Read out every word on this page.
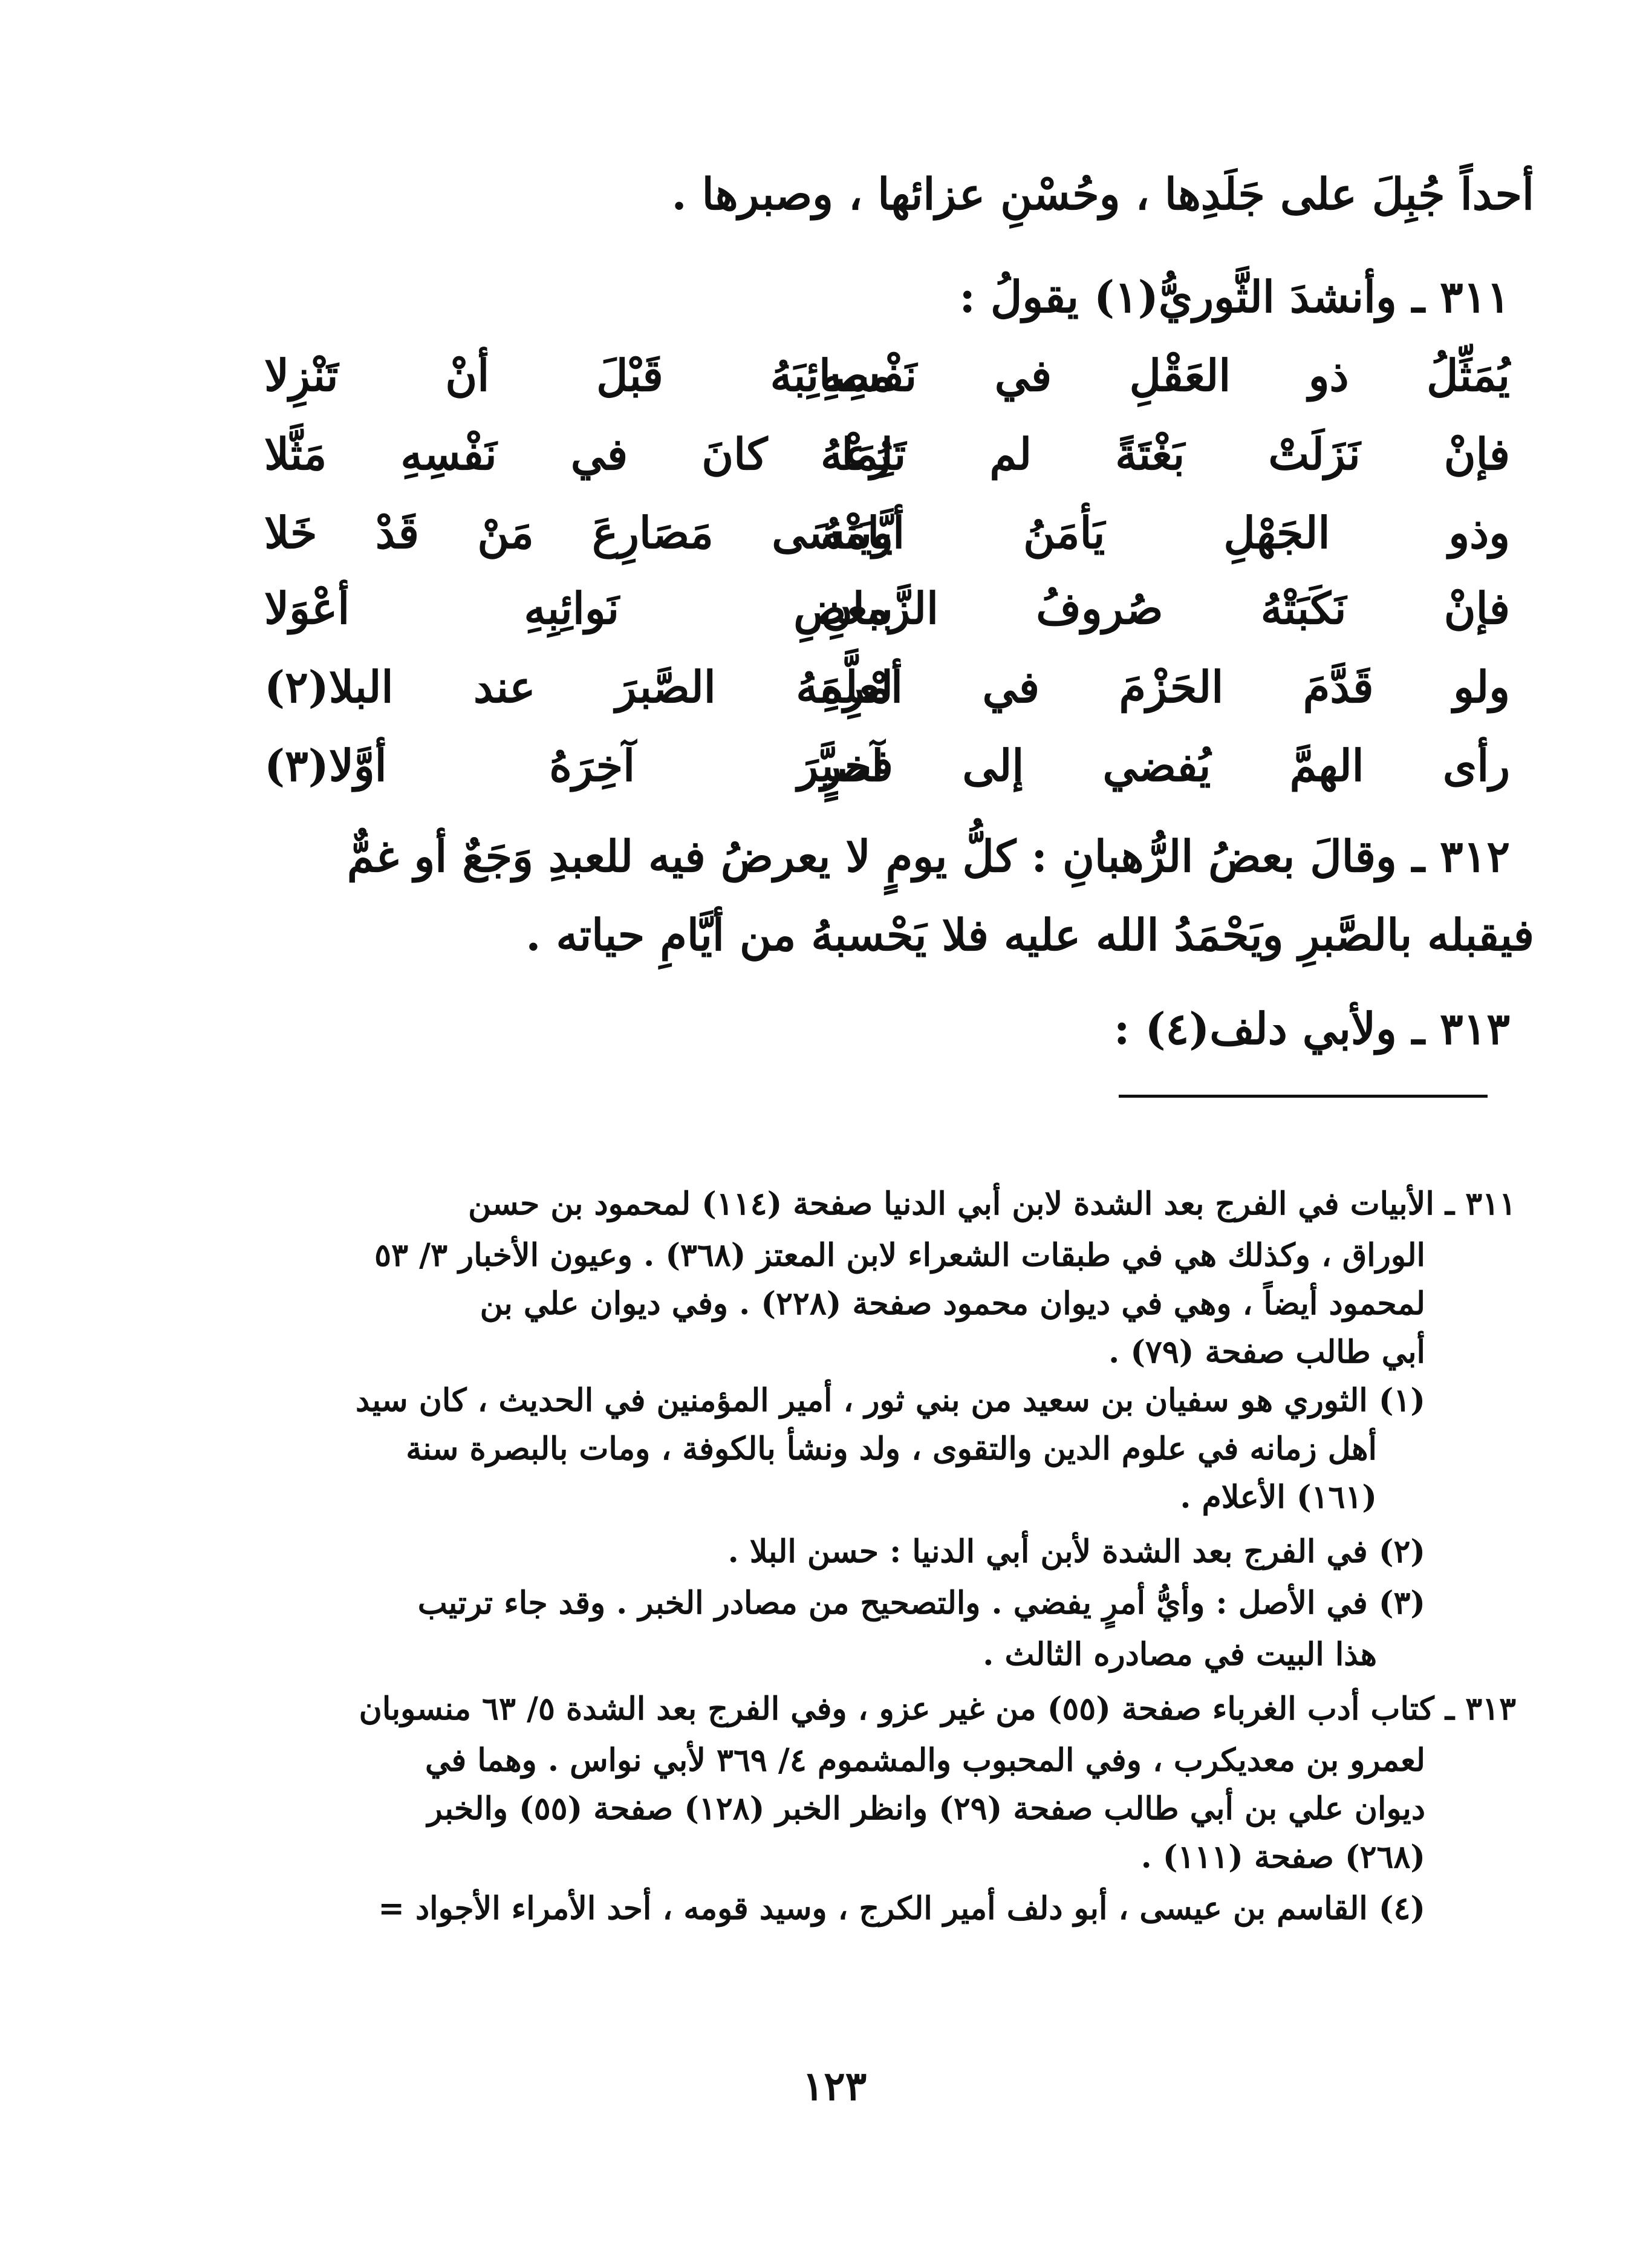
أحداً جُبِلَ على جَلَدِها ، وحُسْنِ عزائها ، وصبرها .
٣١١ ـ وأنشدَ الثَّوريُّ(١) يقولُ :
يُمَثِّلُ ذو العَقْلِ في نَفْسِهِ
مصائِبَهُ قَبْلَ أنْ تَنْزِلا
فإنْ نَزَلَتْ بَغْتَةً لم تَرُعْهُ
لِمَا كانَ في نَفْسِهِ مَثَّلا
وذو الجَهْلِ يَأمَنُ أيَّامَهُ
ويَنْسَى مَصَارِعَ مَنْ قَدْ خَلا
فإنْ نَكَبَتْهُ صُروفُ الزَّمانِ
ببعضِ نَوائِبِهِ أعْوَلا
ولو قَدَّمَ الحَزْمَ في أمْرِهِ
لعلَّمَهُ الصَّبرَ عند البلا(٢)
رأى الهمَّ يُفضي إلى آخرٍ
فصيَّرَ آخِرَهُ أوَّلا(٣)
٣١٢ ـ وقالَ بعضُ الرُّهبانِ : كلُّ يومٍ لا يعرضُ فيه للعبدِ وَجَعٌ أو غمٌّ
فيقبله بالصَّبرِ ويَحْمَدُ الله عليه فلا يَحْسبهُ من أيَّامِ حياته .
٣١٣ ـ ولأبي دلف(٤) :
٣١١ ـ الأبيات في الفرج بعد الشدة لابن أبي الدنيا صفحة (١١٤) لمحمود بن حسن
الوراق ، وكذلك هي في طبقات الشعراء لابن المعتز (٣٦٨) . وعيون الأخبار ٣/ ٥٣
لمحمود أيضاً ، وهي في ديوان محمود صفحة (٢٢٨) . وفي ديوان علي بن
أبي طالب صفحة (٧٩) .
(١) الثوري هو سفيان بن سعيد من بني ثور ، أمير المؤمنين في الحديث ، كان سيد
أهل زمانه في علوم الدين والتقوى ، ولد ونشأ بالكوفة ، ومات بالبصرة سنة
(١٦١) الأعلام .
(٢) في الفرج بعد الشدة لأبن أبي الدنيا : حسن البلا .
(٣) في الأصل : وأيُّ أمرٍ يفضي . والتصحيح من مصادر الخبر . وقد جاء ترتيب
هذا البيت في مصادره الثالث .
٣١٣ ـ كتاب أدب الغرباء صفحة (٥٥) من غير عزو ، وفي الفرج بعد الشدة ٥/ ٦٣ منسوبان
لعمرو بن معديكرب ، وفي المحبوب والمشموم ٤/ ٣٦٩ لأبي نواس . وهما في
ديوان علي بن أبي طالب صفحة (٢٩) وانظر الخبر (١٢٨) صفحة (٥٥) والخبر
(٢٦٨) صفحة (١١١) .
(٤) القاسم بن عيسى ، أبو دلف أمير الكرج ، وسيد قومه ، أحد الأمراء الأجواد =
١٢٣
